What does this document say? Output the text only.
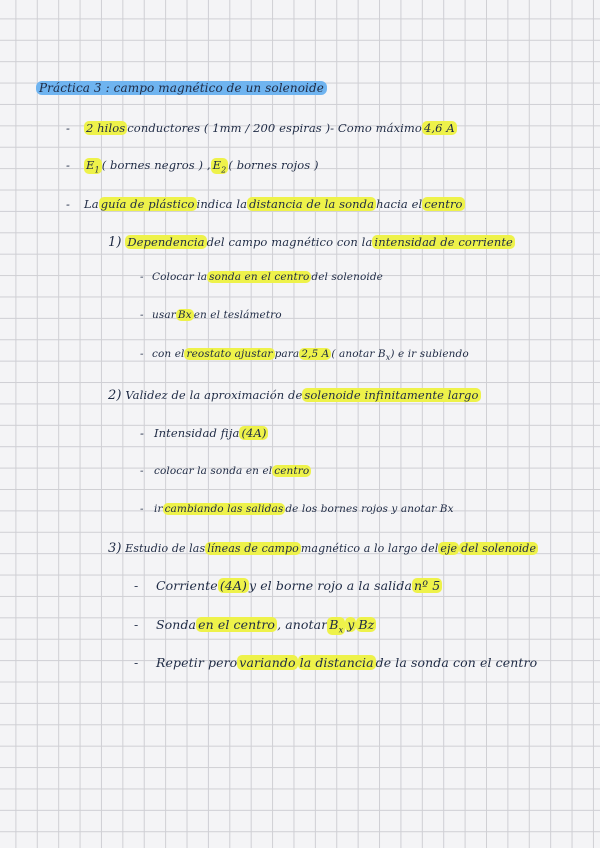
Práctica 3 : campo magnético de un solenoide
- 2 hilosconductores ( 1mm / 200 espiras )- Como máximo4,6 A
- $E_1$( bornes negros ) $,E_2$( bornes rojos )
- Laguía de plásticoindica ladistancia de la sondahacia elcentro
1) Dependenciadel campo magnético con laintensidad de corriente
- Colocar lasonda en el centrodel solenoide
- usarBxen el teslámetro
- con elreostato ajustarpara2,5 A( anotar $B_x$) e ir subiendo
2) Validez de la aproximación desolenoide infinitamente largo
- Intensidad fija(4A)
- colocar la sonda en elcentro
- ircambiando las salidasde los bornes rojos y anotar Bx
3) Estudio de laslíneas de campomagnético a lo largo deleje del solenoide
- Corriente(4A)y el borne rojo a la salidanº 5
- Sondaen el centro, anotarB$_x$ y Bz
- Repetir perovariando la distanciade la sonda con el centro
